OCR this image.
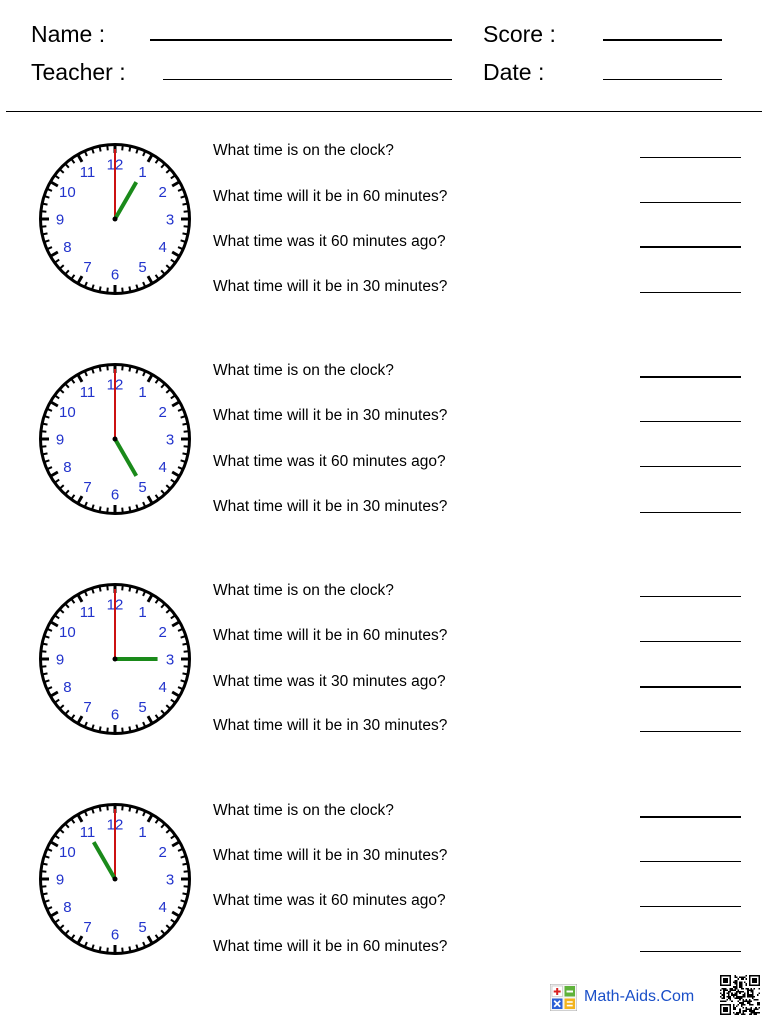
Name :
Teacher :
Score :
Date :
12 1
2
3
4
5
6
7
8
9
10
11
What time is on the clock?
What time will it be in 60 minutes?
What time was it 60 minutes ago?
What time will it be in 30 minutes?
12 1
2
3
4
5
6
7
8
9
10
11
What time is on the clock?
What time will it be in 30 minutes?
What time was it 60 minutes ago?
What time will it be in 30 minutes?
12 1
2
3
4
5
6
7
8
9
10
11
What time is on the clock?
What time will it be in 60 minutes?
What time was it 30 minutes ago?
What time will it be in 30 minutes?
12 1
2
3
4
5
6
7
8
9
10
11
What time is on the clock?
What time will it be in 30 minutes?
What time was it 60 minutes ago?
What time will it be in 60 minutes?
Math-Aids.Com
